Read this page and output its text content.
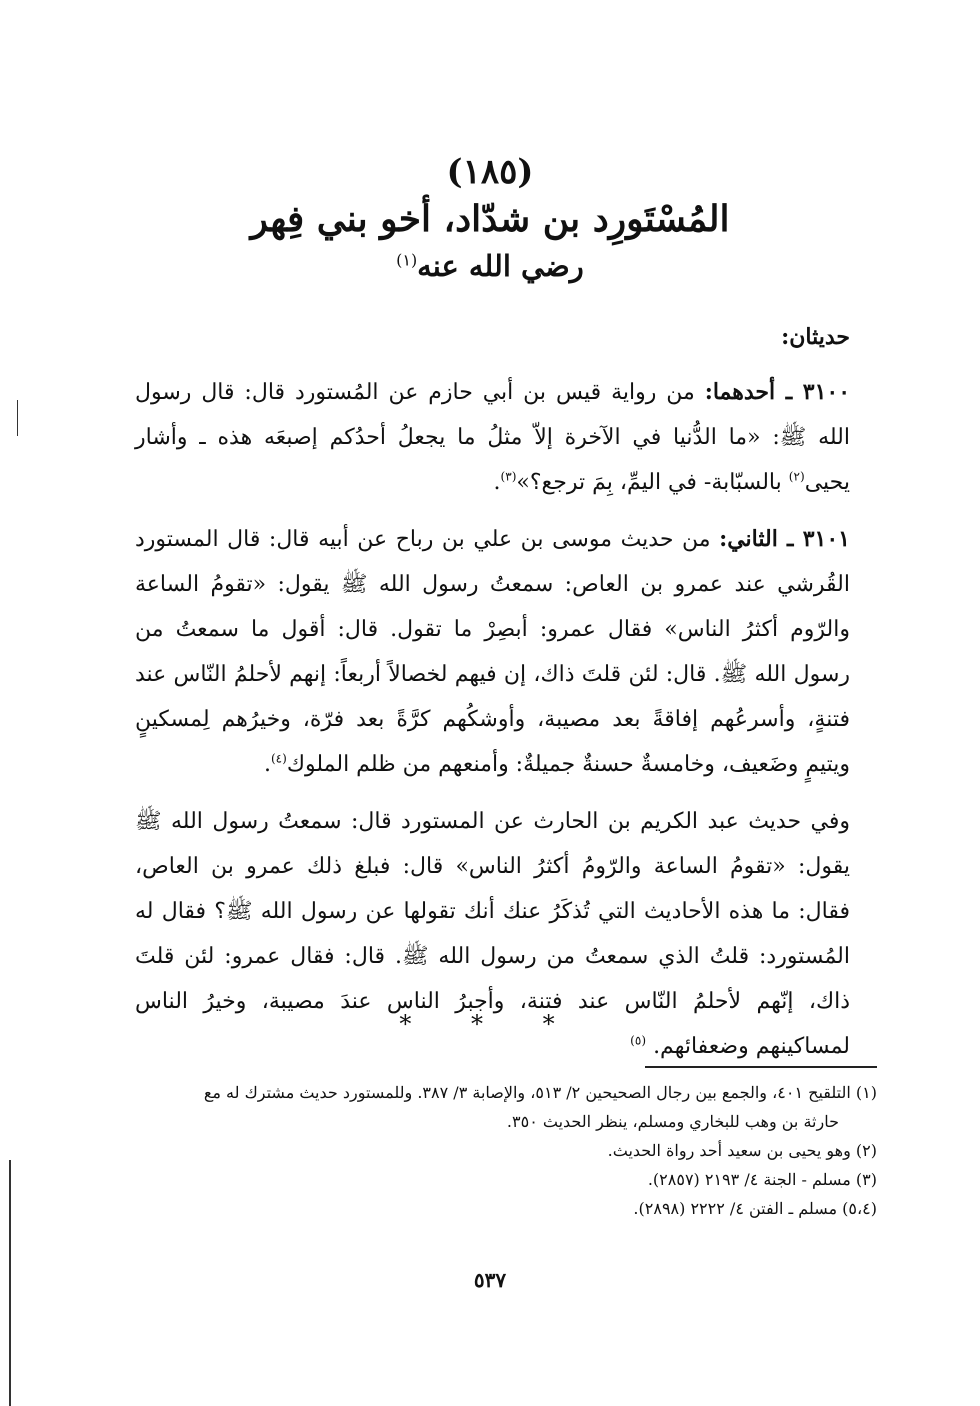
(١٨٥)
المُسْتَورِد بن شدّاد، أخو بني فِهر
رضي الله عنه$^{(١)}$
حديثان:

٣١٠٠ ـ أحدهما: من رواية قيس بن أبي حازم عن المُستورد قال: قال رسول الله ﷺ: «ما الدُّنيا في الآخرة إلاّ مثلُ ما يجعلُ أحدُكم إصبعَه هذه ـ وأشار يحيى$^{(٢)}$ بالسبّابة- في اليمِّ، بِمَ ترجع؟»$^{(٣)}$.

٣١٠١ ـ الثاني: من حديث موسى بن علي بن رباح عن أبيه قال: قال المستورد القُرشي عند عمرو بن العاص: سمعتُ رسول الله ﷺ يقول: «تقومُ الساعة والرّوم أكثرُ الناس» فقال عمرو: أبصِرْ ما تقول. قال: أقول ما سمعتُ من رسول الله ﷺ. قال: لئن قلتَ ذاك، إن فيهم لخصالاً أربعاً: إنهم لأحلمُ النّاس عند فتنةٍ، وأسرعُهم إفاقةً بعد مصيبة، وأوشكُهم كرَّةً بعد فرّة، وخيرُهم لِمسكينٍ ويتيمٍ وضَعيف، وخامسةٌ حسنةٌ جميلةٌ: وأمنعهم من ظلم الملوك$^{(٤)}$.

وفي حديث عبد الكريم بن الحارث عن المستورد قال: سمعتُ رسول الله ﷺ يقول: «تقومُ الساعة والرّومُ أكثرُ الناس» قال: فبلغ ذلك عمرو بن العاص، فقال: ما هذه الأحاديث التي تُذكَرُ عنك أنك تقولها عن رسول الله ﷺ؟ فقال له المُستورد: قلتُ الذي سمعتُ من رسول الله ﷺ. قال: فقال عمرو: لئن قلتَ ذاك، إنّهم لأحلمُ النّاس عند فتنة، وأجبرُ الناس عندَ مصيبة، وخيرُ الناس لمساكينهم وضعفائهم. $^{(٥)}$

* * *

(١) التلقيح ٤٠١، والجمع بين رجال الصحيحين ٢/ ٥١٣، والإصابة ٣/ ٣٨٧. وللمستورد حديث مشترك له مع

حارثة بن وهب للبخاري ومسلم، ينظر الحديث ٣٥٠.

(٢) وهو يحيى بن سعيد أحد رواة الحديث.

(٣) مسلم - الجنة ٤/ ٢١٩٣ (٢٨٥٧).

(٥،٤) مسلم ـ الفتن ٤/ ٢٢٢٢ (٢٨٩٨).

٥٣٧
